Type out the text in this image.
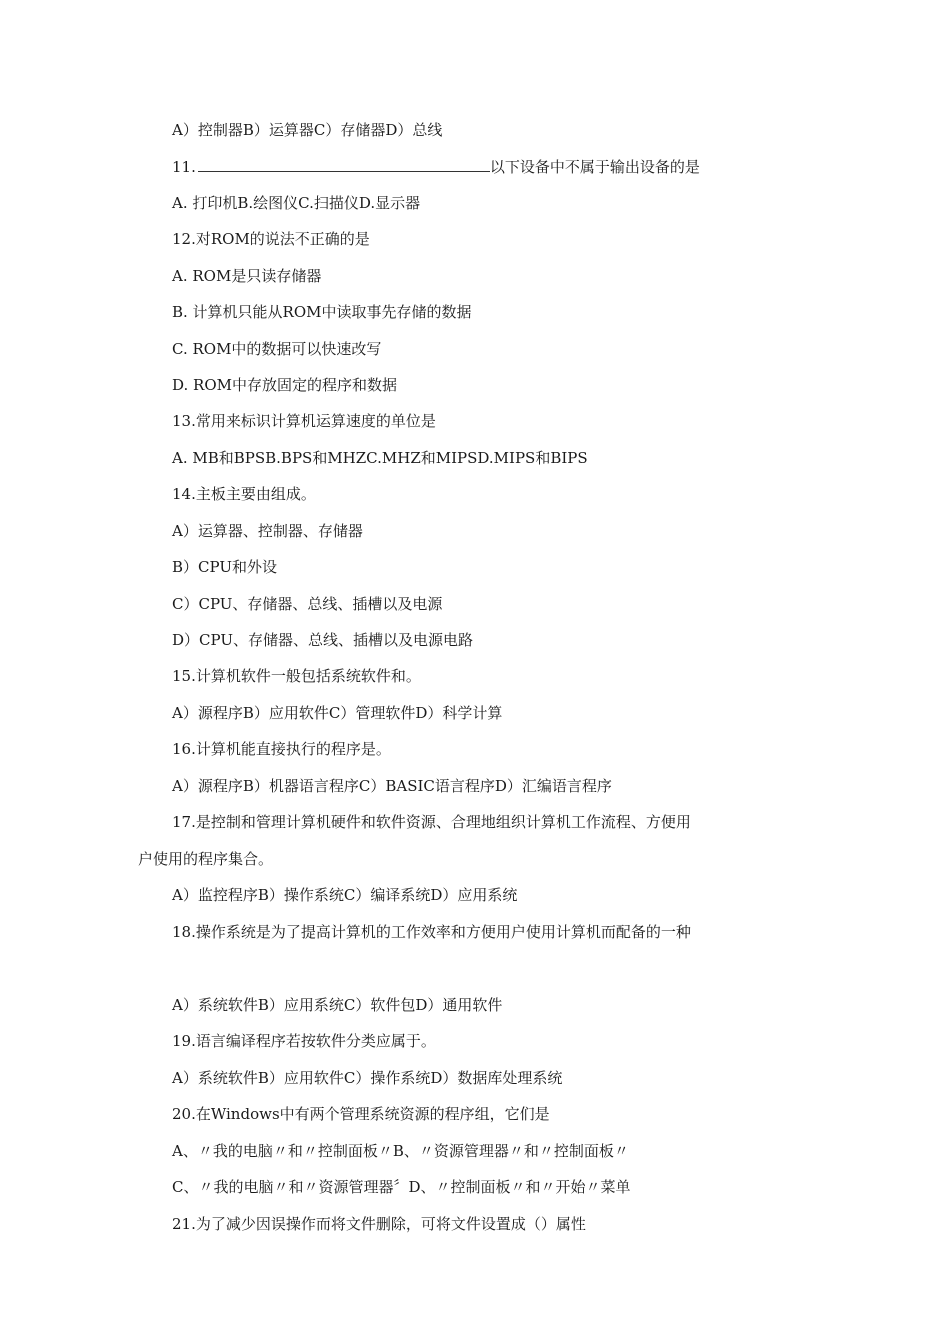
A）控制器B）运算器C）存储器D）总线
11.	以下设备中不属于输出设备的是
A. 打印机B.绘图仪C.扫描仪D.显示器
12.对ROM的说法不正确的是
A. ROM是只读存储器
B. 计算机只能从ROM中读取事先存储的数据
C. ROM中的数据可以快速改写
D. ROM中存放固定的程序和数据
13.常用来标识计算机运算速度的单位是
A. MB和BPSB.BPS和MHZC.MHZ和MIPSD.MIPS和BIPS
14.主板主要由组成。
A）运算器、控制器、存储器
B）CPU和外设
C）CPU、存储器、总线、插槽以及电源
D）CPU、存储器、总线、插槽以及电源电路
15.计算机软件一般包括系统软件和。
A）源程序B）应用软件C）管理软件D）科学计算
16.计算机能直接执行的程序是。
A）源程序B）机器语言程序C）BASIC语言程序D）汇编语言程序
17.是控制和管理计算机硬件和软件资源、合理地组织计算机工作流程、方便用
户使用的程序集合。
A）监控程序B）操作系统C）编译系统D）应用系统
18.操作系统是为了提高计算机的工作效率和方便用户使用计算机而配备的一种
A）系统软件B）应用系统C）软件包D）通用软件
19.语言编译程序若按软件分类应属于。
A）系统软件B）应用软件C）操作系统D）数据库处理系统
20.在Windows中有两个管理系统资源的程序组，它们是
A、〃我的电脑〃和〃控制面板〃B、〃资源管理器〃和〃控制面板〃
C、〃我的电脑〃和〃资源管理器〞D、〃控制面板〃和〃开始〃菜单
21.为了减少因误操作而将文件删除，可将文件设置成（）属性
